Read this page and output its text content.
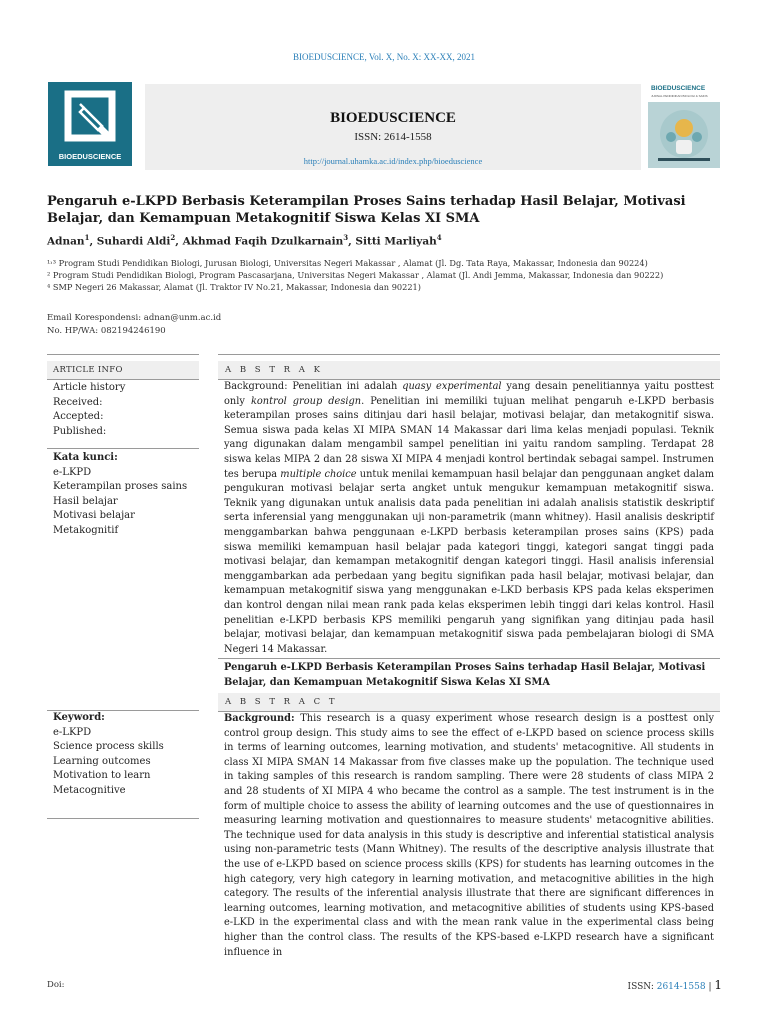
BIOEDUSCIENCE, Vol. X, No. X: XX-XX, 2021
BIOEDUSCIENCE
BIOEDUSCIENCE
JURNAL PENDIDIKAN BIOLOGI & SAINS
BIOEDUSCIENCE
ISSN: 2614-1558
http://journal.uhamka.ac.id/index.php/bioeduscience
Pengaruh e-LKPD Berbasis Keterampilan Proses Sains terhadap Hasil Belajar, Motivasi Belajar, dan Kemampuan Metakognitif Siswa Kelas XI SMA
Adnan$^1$, Suhardi Aldi$^2$, Akhmad Faqih Dzulkarnain$^3$, Sitti Marliyah$^4$
¹˒³ Program Studi Pendidikan Biologi, Jurusan Biologi, Universitas Negeri Makassar , Alamat (Jl. Dg. Tata Raya, Makassar, Indonesia dan 90224)
² Program Studi Pendidikan Biologi, Program Pascasarjana, Universitas Negeri Makassar , Alamat (Jl. Andi Jemma, Makassar, Indonesia dan 90222)
⁴ SMP Negeri 26 Makassar, Alamat (Jl. Traktor IV No.21, Makassar, Indonesia dan 90221)
Email Korespondensi: adnan@unm.ac.id
No. HP/WA: 082194246190
ARTICLE INFO
Article history
Received:
Accepted:
Published:
Kata kunci:
e-LKPD
Keterampilan proses sains
Hasil belajar
Motivasi belajar
Metakognitif
Keyword:
e-LKPD
Science process skills
Learning outcomes
Motivation to learn
Metacognitive
A B S T R A K
Background: Penelitian ini adalah quasy experimental yang desain penelitiannya yaitu posttest only kontrol group design. Penelitian ini memiliki tujuan melihat pengaruh e-LKPD berbasis keterampilan proses sains ditinjau dari hasil belajar, motivasi belajar, dan metakognitif siswa. Semua siswa pada kelas XI MIPA SMAN 14 Makassar dari lima kelas menjadi populasi. Teknik yang digunakan dalam mengambil sampel penelitian ini yaitu random sampling. Terdapat 28 siswa kelas MIPA 2 dan 28 siswa XI MIPA 4 menjadi kontrol bertindak sebagai sampel. Instrumen tes berupa multiple choice untuk menilai kemampuan hasil belajar dan penggunaan angket dalam pengukuran motivasi belajar serta angket untuk mengukur kemampuan metakognitif siswa. Teknik yang digunakan untuk analisis data pada penelitian ini adalah analisis statistik deskriptif serta inferensial yang menggunakan uji non-parametrik (mann whitney). Hasil analisis deskriptif menggambarkan bahwa penggunaan e-LKPD berbasis keterampilan proses sains (KPS) pada siswa memiliki kemampuan hasil belajar pada kategori tinggi, kategori sangat tinggi pada motivasi belajar, dan kemampan metakognitif dengan kategori tinggi. Hasil analisis inferensial menggambarkan ada perbedaan yang begitu signifikan pada hasil belajar, motivasi belajar, dan kemampuan metakognitif siswa yang menggunakan e-LKD berbasis KPS pada kelas eksperimen dan kontrol dengan nilai mean rank pada kelas eksperimen lebih tinggi dari kelas kontrol. Hasil penelitian e-LKPD berbasis KPS memiliki pengaruh yang signifikan yang ditinjau pada hasil belajar, motivasi belajar, dan kemampuan metakognitif siswa pada pembelajaran biologi di SMA Negeri 14 Makassar.
Pengaruh e-LKPD Berbasis Keterampilan Proses Sains terhadap Hasil Belajar, Motivasi Belajar, dan Kemampuan Metakognitif Siswa Kelas XI SMA
A B S T R A C T
Background: This research is a quasy experiment whose research design is a posttest only control group design. This study aims to see the effect of e-LKPD based on science process skills in terms of learning outcomes, learning motivation, and students' metacognitive. All students in class XI MIPA SMAN 14 Makassar from five classes make up the population. The technique used in taking samples of this research is random sampling. There were 28 students of class MIPA 2 and 28 students of XI MIPA 4 who became the control as a sample. The test instrument is in the form of multiple choice to assess the ability of learning outcomes and the use of questionnaires in measuring learning motivation and questionnaires to measure students' metacognitive abilities. The technique used for data analysis in this study is descriptive and inferential statistical analysis using non-parametric tests (Mann Whitney). The results of the descriptive analysis illustrate that the use of e-LKPD based on science process skills (KPS) for students has learning outcomes in the high category, very high category in learning motivation, and metacognitive abilities in the high category. The results of the inferential analysis illustrate that there are significant differences in learning outcomes, learning motivation, and metacognitive abilities of students using KPS-based e-LKD in the experimental class and with the mean rank value in the experimental class being higher than the control class. The results of the KPS-based e-LKPD research have a significant influence in
Doi:	ISSN: 2614-1558 | 1
